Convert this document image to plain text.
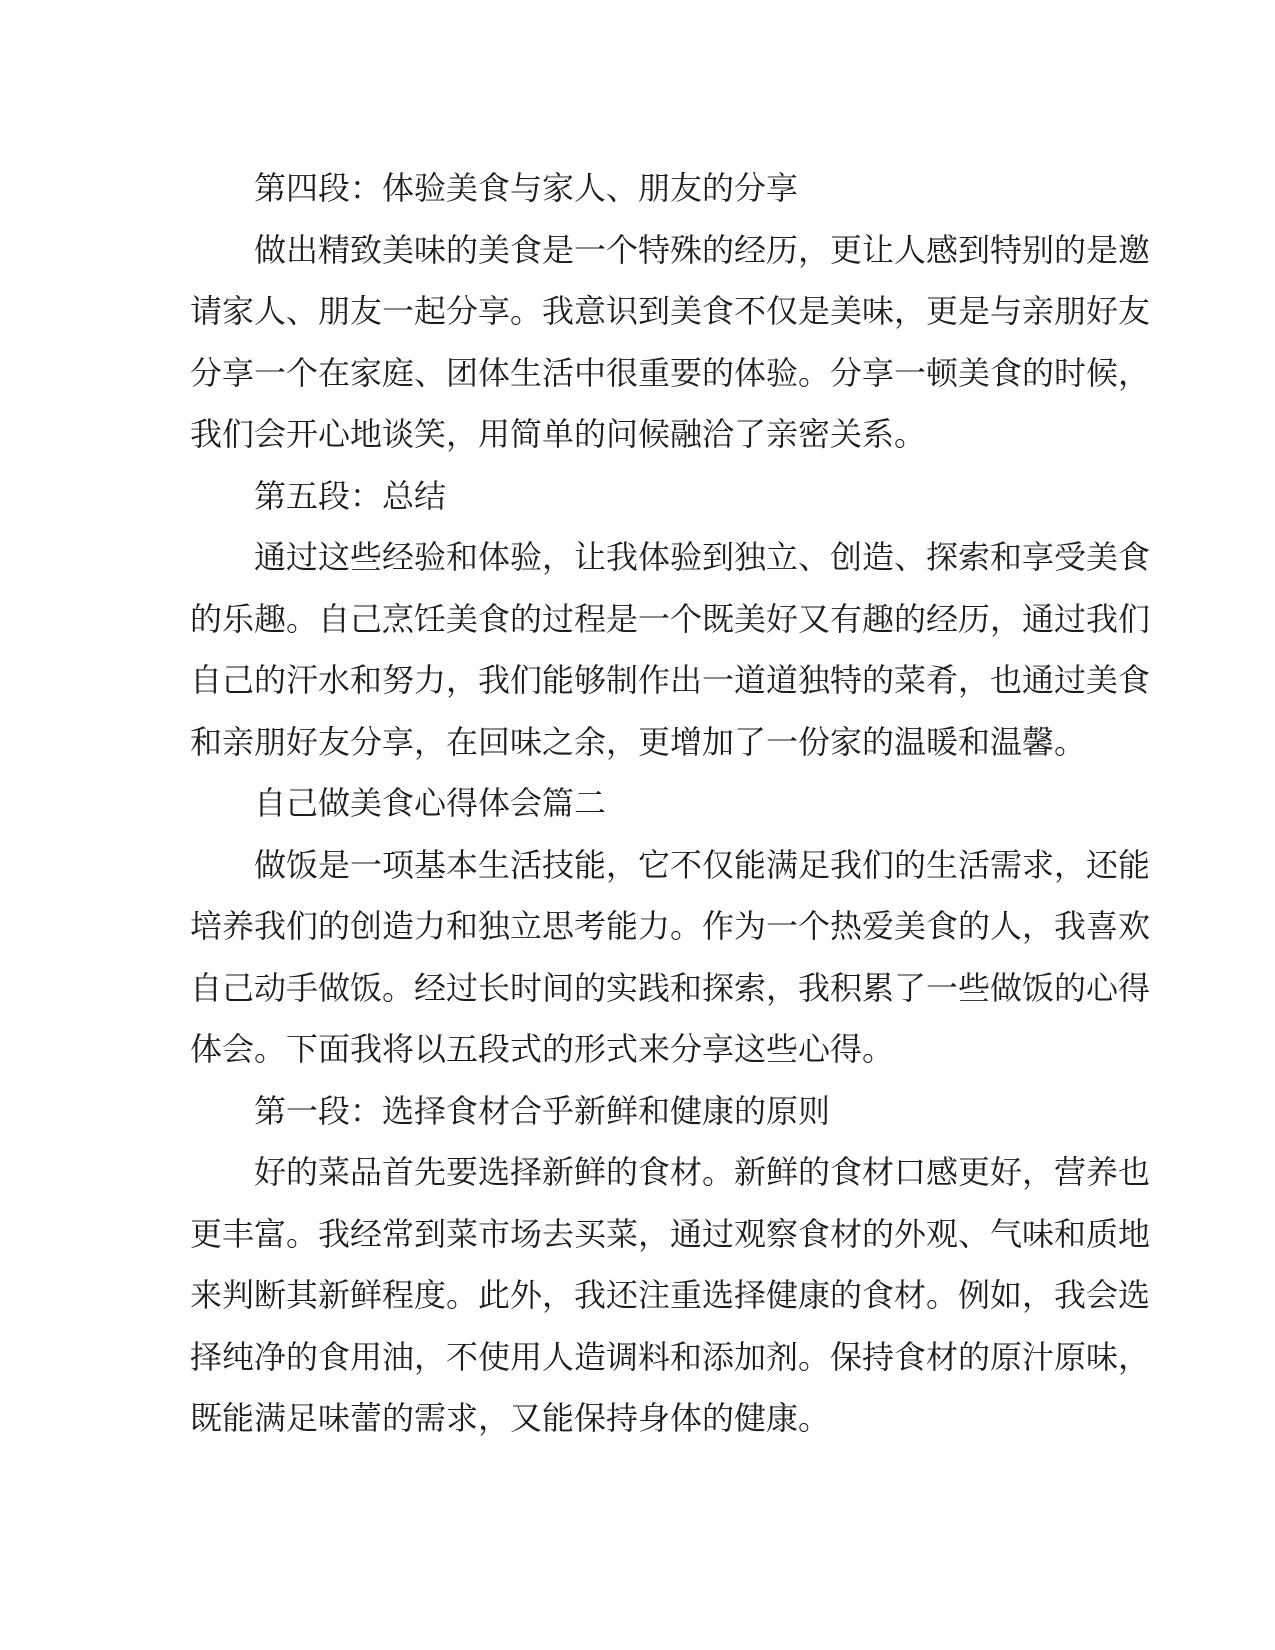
第四段：体验美食与家人、朋友的分享
做出精致美味的美食是一个特殊的经历，更让人感到特别的是邀
请家人、朋友一起分享。我意识到美食不仅是美味，更是与亲朋好友
分享一个在家庭、团体生活中很重要的体验。分享一顿美食的时候，
我们会开心地谈笑，用简单的问候融洽了亲密关系。
第五段：总结
通过这些经验和体验，让我体验到独立、创造、探索和享受美食
的乐趣。自己烹饪美食的过程是一个既美好又有趣的经历，通过我们
自己的汗水和努力，我们能够制作出一道道独特的菜肴，也通过美食
和亲朋好友分享，在回味之余，更增加了一份家的温暖和温馨。
自己做美食心得体会篇二
做饭是一项基本生活技能，它不仅能满足我们的生活需求，还能
培养我们的创造力和独立思考能力。作为一个热爱美食的人，我喜欢
自己动手做饭。经过长时间的实践和探索，我积累了一些做饭的心得
体会。下面我将以五段式的形式来分享这些心得。
第一段：选择食材合乎新鲜和健康的原则
好的菜品首先要选择新鲜的食材。新鲜的食材口感更好，营养也
更丰富。我经常到菜市场去买菜，通过观察食材的外观、气味和质地
来判断其新鲜程度。此外，我还注重选择健康的食材。例如，我会选
择纯净的食用油，不使用人造调料和添加剂。保持食材的原汁原味，
既能满足味蕾的需求，又能保持身体的健康。
